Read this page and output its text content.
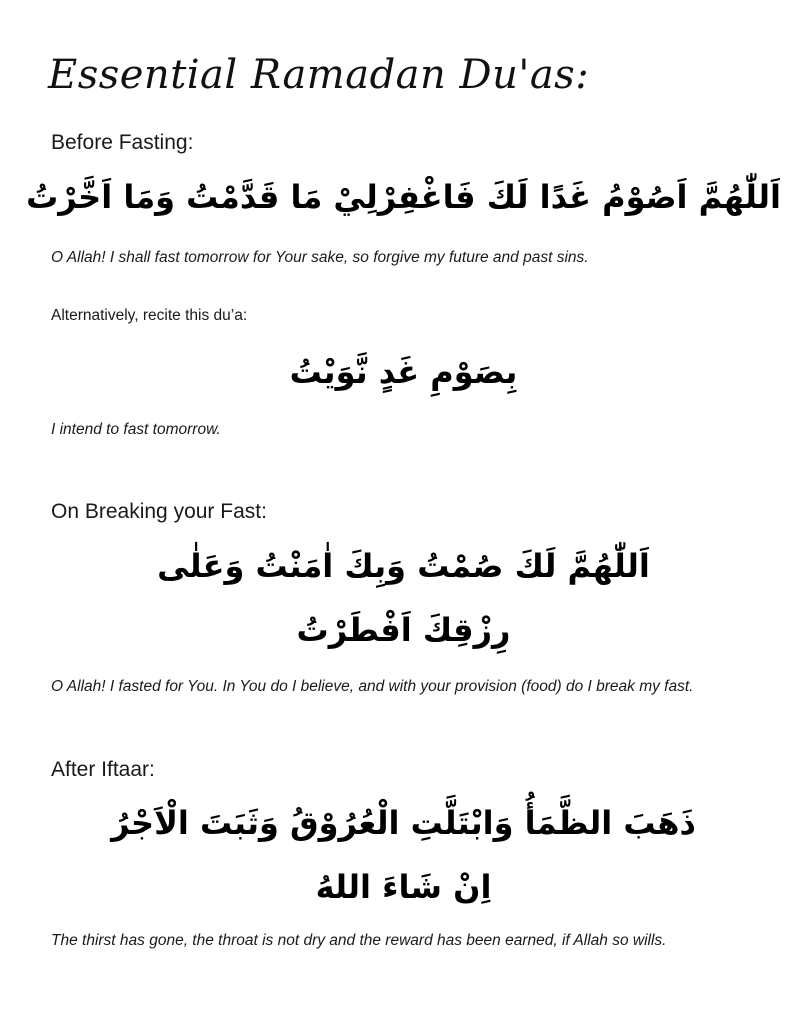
Essential Ramadan Du'as:
Before Fasting:
اَللّٰهُمَّ اَصُوْمُ غَدًا لَكَ فَاغْفِرْلِيْ مَا قَدَّمْتُ وَمَا اَخَّرْتُ
O Allah! I shall fast tomorrow for Your sake, so forgive my future and past sins.
Alternatively, recite this du’a:
بِصَوْمِ غَدٍ نَّوَيْتُ
I intend to fast tomorrow.
On Breaking your Fast:
اَللّٰهُمَّ لَكَ صُمْتُ وَبِكَ اٰمَنْتُ وَعَلٰى
رِزْقِكَ اَفْطَرْتُ
O Allah! I fasted for You. In You do I believe, and with your provision (food) do I break my fast.
After Iftaar:
ذَهَبَ الظَّمَأُ وَابْتَلَّتِ الْعُرُوْقُ وَثَبَتَ الْاَجْرُ
اِنْ شَاءَ اللهُ
The thirst has gone, the throat is not dry and the reward has been earned, if Allah so wills.
